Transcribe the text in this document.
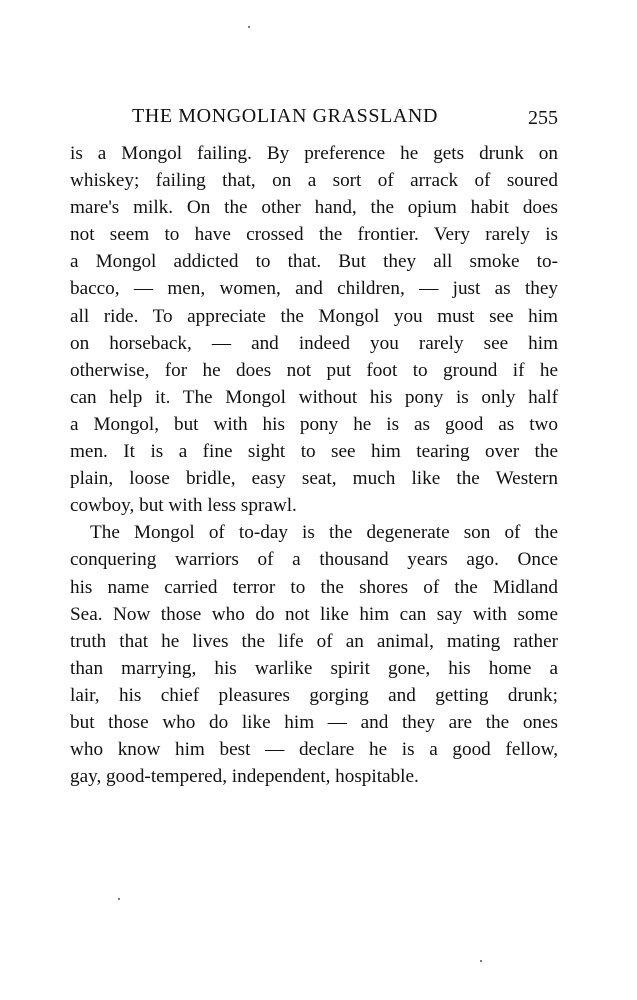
THE MONGOLIAN GRASSLAND	255
is a Mongol failing. By preference he gets drunk on
whiskey; failing that, on a sort of arrack of soured
mare's milk. On the other hand, the opium habit does
not seem to have crossed the frontier. Very rarely is
a Mongol addicted to that. But they all smoke to-
bacco, — men, women, and children, — just as they
all ride. To appreciate the Mongol you must see him
on horseback, — and indeed you rarely see him
otherwise, for he does not put foot to ground if he
can help it. The Mongol without his pony is only half
a Mongol, but with his pony he is as good as two
men. It is a fine sight to see him tearing over the
plain, loose bridle, easy seat, much like the Western
cowboy, but with less sprawl.
The Mongol of to-day is the degenerate son of the
conquering warriors of a thousand years ago. Once
his name carried terror to the shores of the Midland
Sea. Now those who do not like him can say with some
truth that he lives the life of an animal, mating rather
than marrying, his warlike spirit gone, his home a
lair, his chief pleasures gorging and getting drunk;
but those who do like him — and they are the ones
who know him best — declare he is a good fellow,
gay, good-tempered, independent, hospitable.
